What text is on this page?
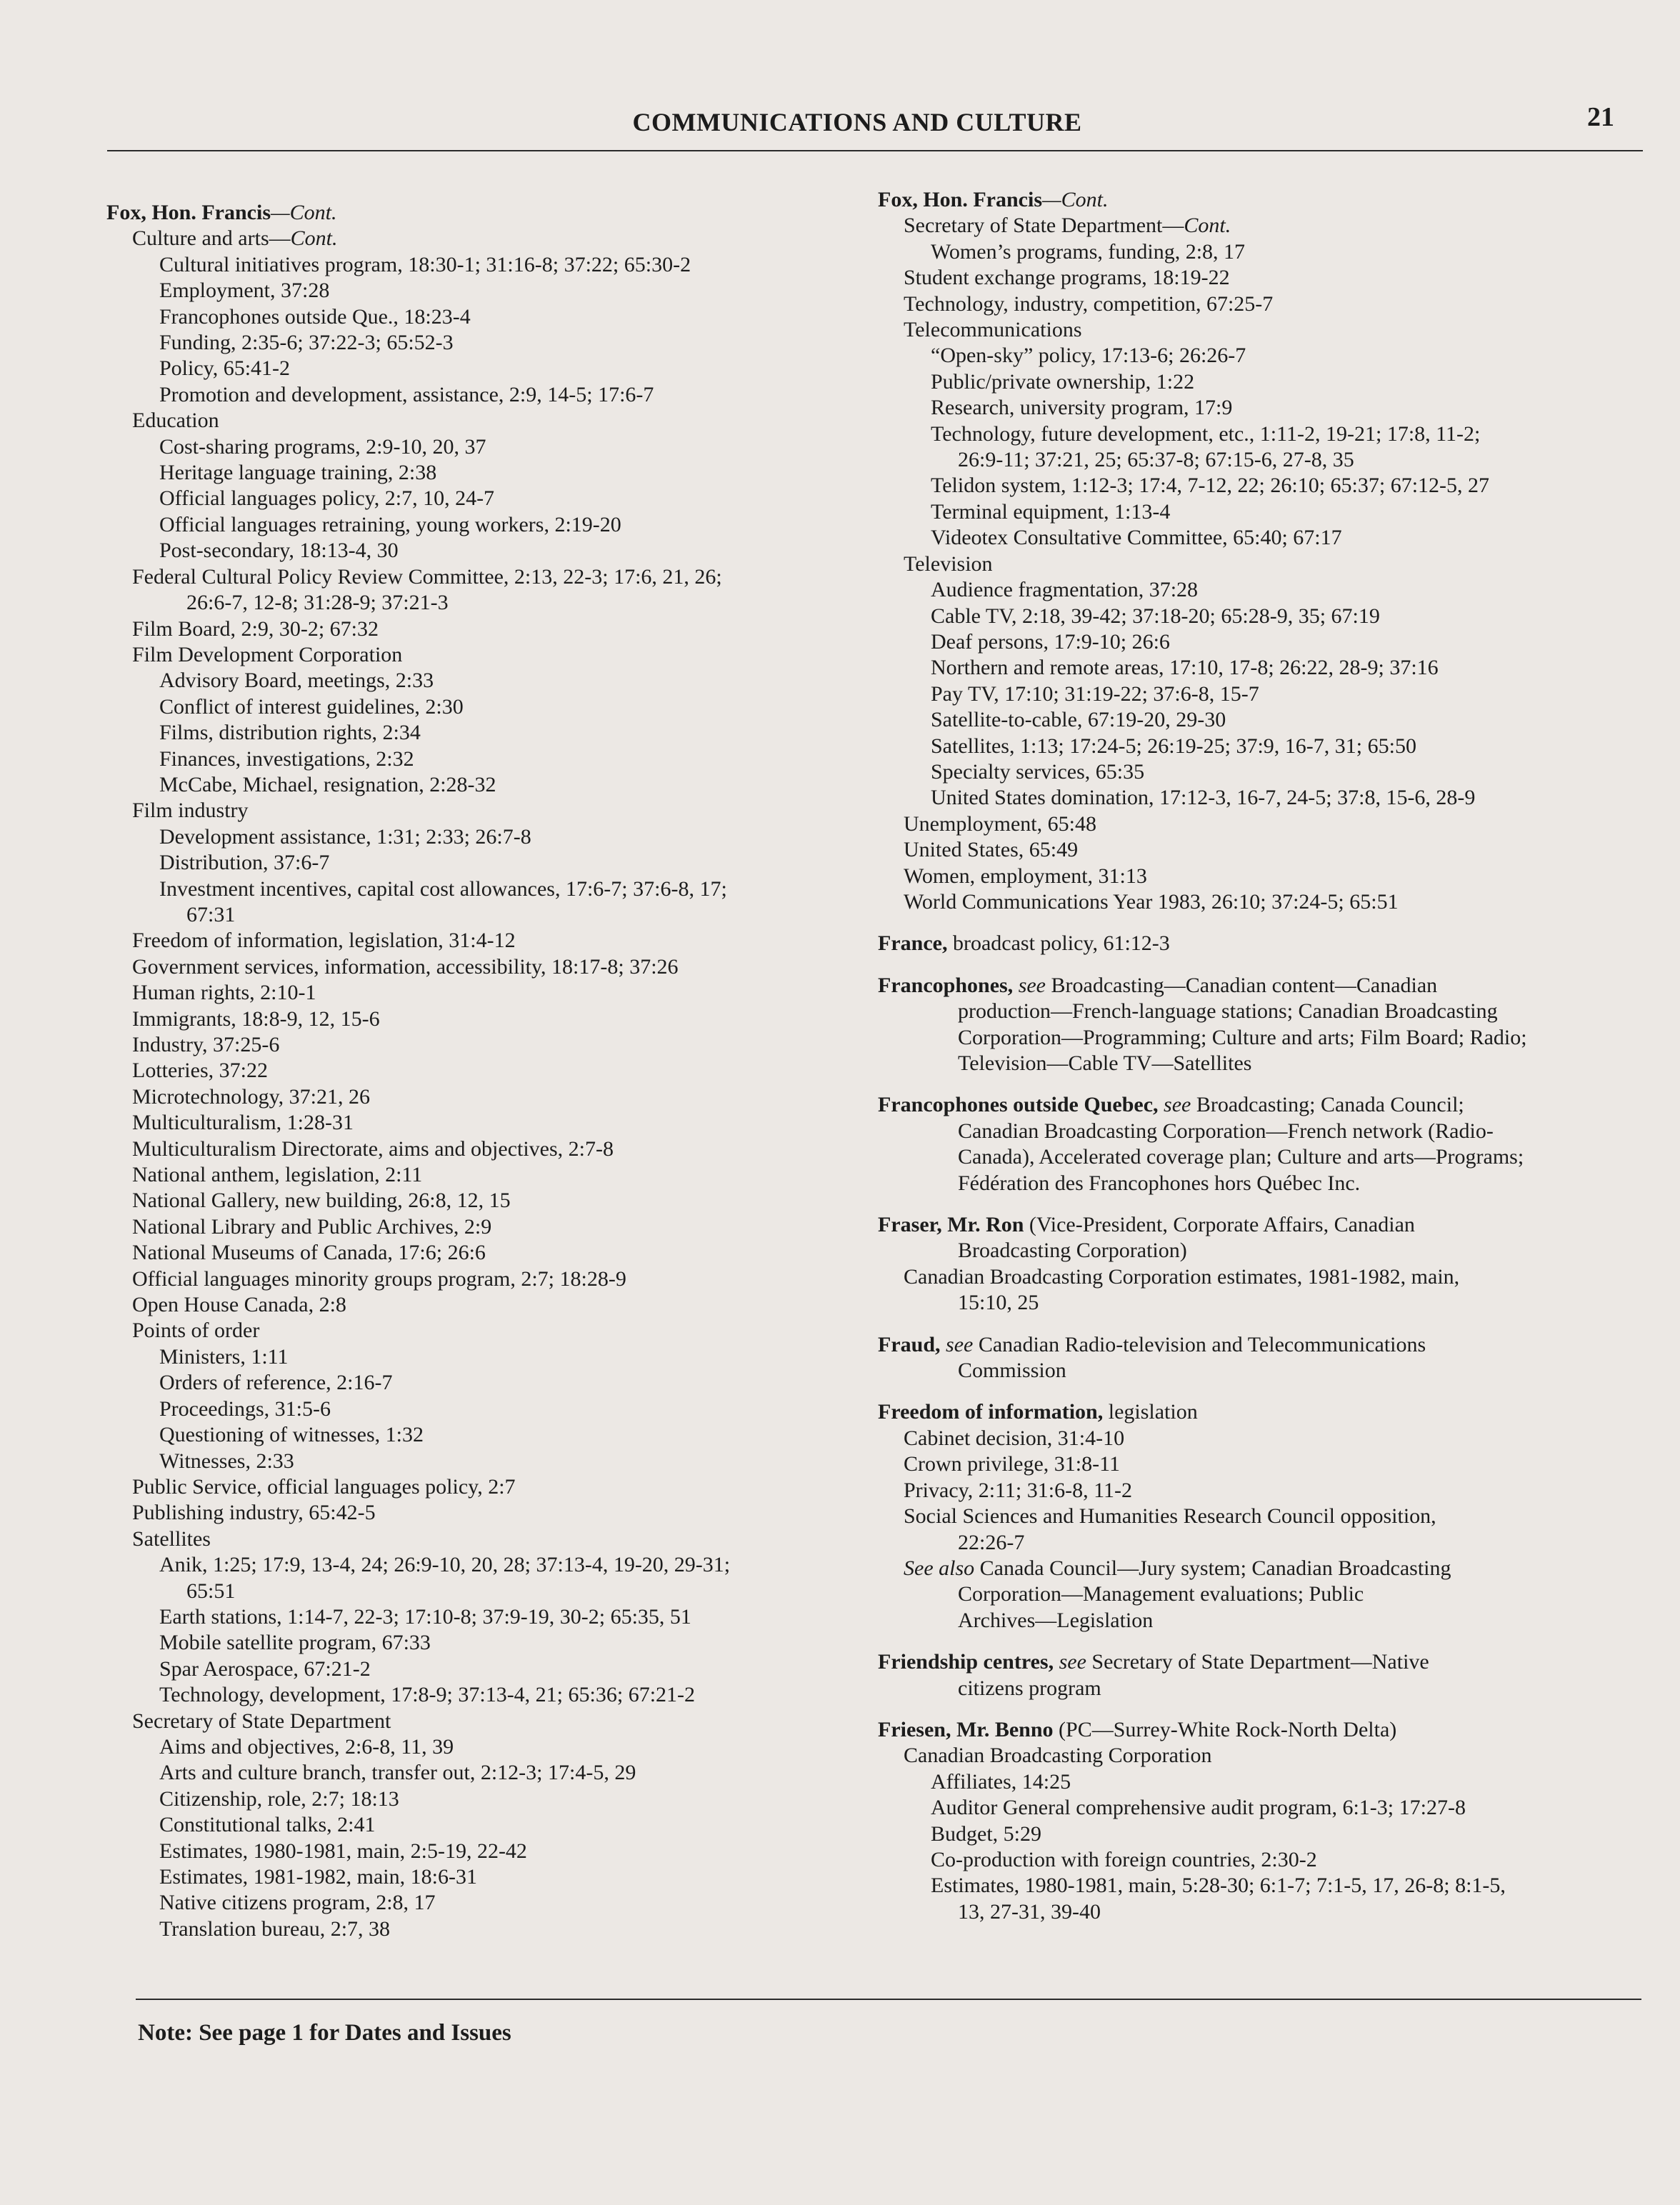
COMMUNICATIONS AND CULTURE	21

Fox, Hon. Francis—Cont.

Culture and arts—Cont.

Cultural initiatives program, 18:30-1; 31:16-8; 37:22; 65:30-2

Employment, 37:28

Francophones outside Que., 18:23-4

Funding, 2:35-6; 37:22-3; 65:52-3

Policy, 65:41-2

Promotion and development, assistance, 2:9, 14-5; 17:6-7

Education

Cost-sharing programs, 2:9-10, 20, 37

Heritage language training, 2:38

Official languages policy, 2:7, 10, 24-7

Official languages retraining, young workers, 2:19-20

Post-secondary, 18:13-4, 30

Federal Cultural Policy Review Committee, 2:13, 22-3; 17:6, 21, 26;

26:6-7, 12-8; 31:28-9; 37:21-3

Film Board, 2:9, 30-2; 67:32

Film Development Corporation

Advisory Board, meetings, 2:33

Conflict of interest guidelines, 2:30

Films, distribution rights, 2:34

Finances, investigations, 2:32

McCabe, Michael, resignation, 2:28-32

Film industry

Development assistance, 1:31; 2:33; 26:7-8

Distribution, 37:6-7

Investment incentives, capital cost allowances, 17:6-7; 37:6-8, 17;

67:31

Freedom of information, legislation, 31:4-12

Government services, information, accessibility, 18:17-8; 37:26

Human rights, 2:10-1

Immigrants, 18:8-9, 12, 15-6

Industry, 37:25-6

Lotteries, 37:22

Microtechnology, 37:21, 26

Multiculturalism, 1:28-31

Multiculturalism Directorate, aims and objectives, 2:7-8

National anthem, legislation, 2:11

National Gallery, new building, 26:8, 12, 15

National Library and Public Archives, 2:9

National Museums of Canada, 17:6; 26:6

Official languages minority groups program, 2:7; 18:28-9

Open House Canada, 2:8

Points of order

Ministers, 1:11

Orders of reference, 2:16-7

Proceedings, 31:5-6

Questioning of witnesses, 1:32

Witnesses, 2:33

Public Service, official languages policy, 2:7

Publishing industry, 65:42-5

Satellites

Anik, 1:25; 17:9, 13-4, 24; 26:9-10, 20, 28; 37:13-4, 19-20, 29-31;

65:51

Earth stations, 1:14-7, 22-3; 17:10-8; 37:9-19, 30-2; 65:35, 51

Mobile satellite program, 67:33

Spar Aerospace, 67:21-2

Technology, development, 17:8-9; 37:13-4, 21; 65:36; 67:21-2

Secretary of State Department

Aims and objectives, 2:6-8, 11, 39

Arts and culture branch, transfer out, 2:12-3; 17:4-5, 29

Citizenship, role, 2:7; 18:13

Constitutional talks, 2:41

Estimates, 1980-1981, main, 2:5-19, 22-42

Estimates, 1981-1982, main, 18:6-31

Native citizens program, 2:8, 17

Translation bureau, 2:7, 38

Fox, Hon. Francis—Cont.

Secretary of State Department—Cont.

Women’s programs, funding, 2:8, 17

Student exchange programs, 18:19-22

Technology, industry, competition, 67:25-7

Telecommunications

“Open-sky” policy, 17:13-6; 26:26-7

Public/private ownership, 1:22

Research, university program, 17:9

Technology, future development, etc., 1:11-2, 19-21; 17:8, 11-2;

26:9-11; 37:21, 25; 65:37-8; 67:15-6, 27-8, 35

Telidon system, 1:12-3; 17:4, 7-12, 22; 26:10; 65:37; 67:12-5, 27

Terminal equipment, 1:13-4

Videotex Consultative Committee, 65:40; 67:17

Television

Audience fragmentation, 37:28

Cable TV, 2:18, 39-42; 37:18-20; 65:28-9, 35; 67:19

Deaf persons, 17:9-10; 26:6

Northern and remote areas, 17:10, 17-8; 26:22, 28-9; 37:16

Pay TV, 17:10; 31:19-22; 37:6-8, 15-7

Satellite-to-cable, 67:19-20, 29-30

Satellites, 1:13; 17:24-5; 26:19-25; 37:9, 16-7, 31; 65:50

Specialty services, 65:35

United States domination, 17:12-3, 16-7, 24-5; 37:8, 15-6, 28-9

Unemployment, 65:48

United States, 65:49

Women, employment, 31:13

World Communications Year 1983, 26:10; 37:24-5; 65:51

France, broadcast policy, 61:12-3

Francophones, see Broadcasting—Canadian content—Canadian

production—French-language stations; Canadian Broadcasting

Corporation—Programming; Culture and arts; Film Board; Radio;

Television—Cable TV—Satellites

Francophones outside Quebec, see Broadcasting; Canada Council;

Canadian Broadcasting Corporation—French network (Radio-

Canada), Accelerated coverage plan; Culture and arts—Programs;

Fédération des Francophones hors Québec Inc.

Fraser, Mr. Ron (Vice-President, Corporate Affairs, Canadian

Broadcasting Corporation)

Canadian Broadcasting Corporation estimates, 1981-1982, main,

15:10, 25

Fraud, see Canadian Radio-television and Telecommunications

Commission

Freedom of information, legislation

Cabinet decision, 31:4-10

Crown privilege, 31:8-11

Privacy, 2:11; 31:6-8, 11-2

Social Sciences and Humanities Research Council opposition,

22:26-7

See also Canada Council—Jury system; Canadian Broadcasting

Corporation—Management evaluations; Public

Archives—Legislation

Friendship centres, see Secretary of State Department—Native

citizens program

Friesen, Mr. Benno (PC—Surrey-White Rock-North Delta)

Canadian Broadcasting Corporation

Affiliates, 14:25

Auditor General comprehensive audit program, 6:1-3; 17:27-8

Budget, 5:29

Co-production with foreign countries, 2:30-2

Estimates, 1980-1981, main, 5:28-30; 6:1-7; 7:1-5, 17, 26-8; 8:1-5,

13, 27-31, 39-40

Note: See page 1 for Dates and Issues
